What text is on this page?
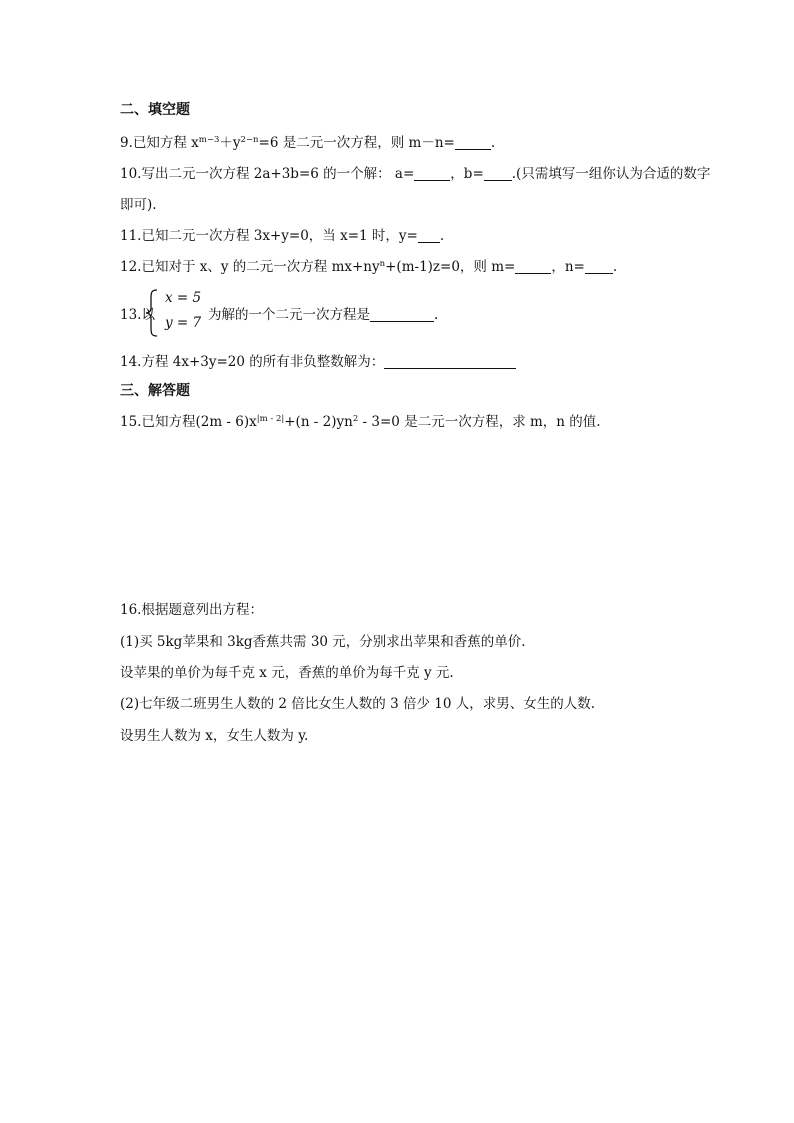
二、填空题
9.已知方程 $x^{m-3}+y^{2-n}=6$ 是二元一次方程，则 m－n=	.
10.写出二元一次方程 2a+3b=6 的一个解： a=	，b= .(只需填写一组你认为合适的数字
即可).
11.已知二元一次方程 3x+y=0，当 x=1 时，y= .
12.已知对于 x、y 的二元一次方程 $mx+ny^n+(m-1)z=0$，则 m=	，n= .
13.以
x = 5
y = 7 为解的一个二元一次方程是	.
14.方程 4x+3y=20 的所有非负整数解为：
三、解答题
15.已知方程$(2m - 6)x^{|m - 2|}+(n - 2)yn^2 - 3=0$ 是二元一次方程，求 m，n 的值.
16.根据题意列出方程：
(1)买 5kg苹果和 3kg香蕉共需 30 元，分别求出苹果和香蕉的单价.
设苹果的单价为每千克 x 元，香蕉的单价为每千克 y 元.
(2)七年级二班男生人数的 2 倍比女生人数的 3 倍少 10 人，求男、女生的人数.
设男生人数为 x，女生人数为 y.
